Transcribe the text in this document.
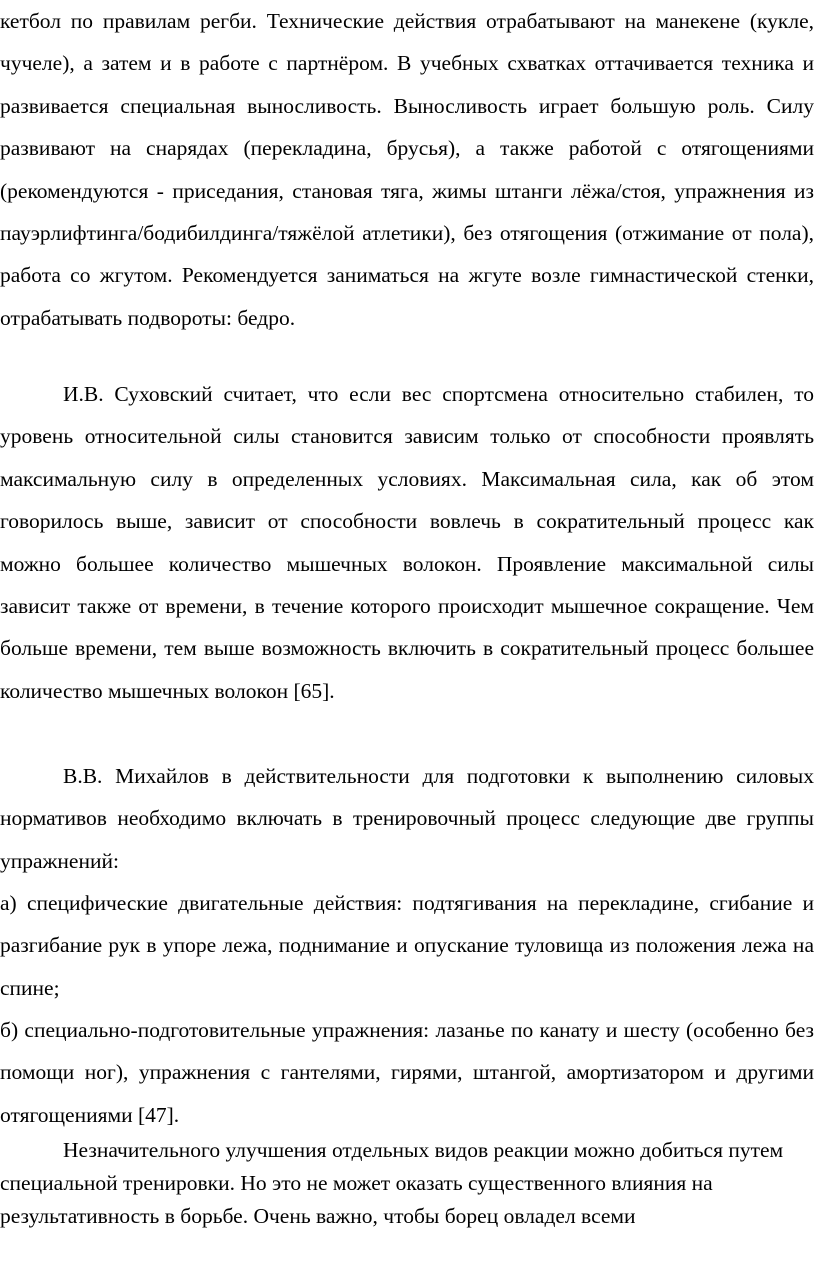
кетбол по правилам регби. Технические действия отрабатывают на манекене (кукле, чучеле), а затем и в работе с партнёром. В учебных схватках оттачивается техника и развивается специальная выносливость. Выносливость играет большую роль. Силу развивают на снарядах (перекладина, брусья), а также работой с отягощениями (рекомендуются - приседания, становая тяга, жимы штанги лёжа/стоя, упражнения из пауэрлифтинга/бодибилдинга/тяжёлой атлетики), без отягощения (отжимание от пола), работа со жгутом. Рекомендуется заниматься на жгуте возле гимнастической стенки, отрабатывать подвороты: бедро.

И.В. Суховский считает, что если вес спортсмена относительно стабилен, то уровень относительной силы становится зависим только от способности проявлять максимальную силу в определенных условиях. Максимальная сила, как об этом говорилось выше, зависит от способности вовлечь в сократительный процесс как можно большее количество мышечных волокон. Проявление максимальной силы зависит также от времени, в течение которого происходит мышечное сокращение. Чем больше времени, тем выше возможность включить в сократительный процесс большее количество мышечных волокон [65].

В.В. Михайлов в действительности для подготовки к выполнению силовых нормативов необходимо включать в тренировочный процесс следующие две группы упражнений:

а) специфические двигательные действия: подтягивания на перекладине, сгибание и разгибание рук в упоре лежа, поднимание и опускание туловища из положения лежа на спине;

б) специально-подготовительные упражнения: лазанье по канату и шесту (особенно без помощи ног), упражнения с гантелями, гирями, штангой, амортизатором и другими отягощениями [47].

Незначительного улучшения отдельных видов реакции можно добиться путем специальной тренировки. Но это не может оказать существенного влияния на результативность в борьбе. Очень важно, чтобы борец овладел всеми
